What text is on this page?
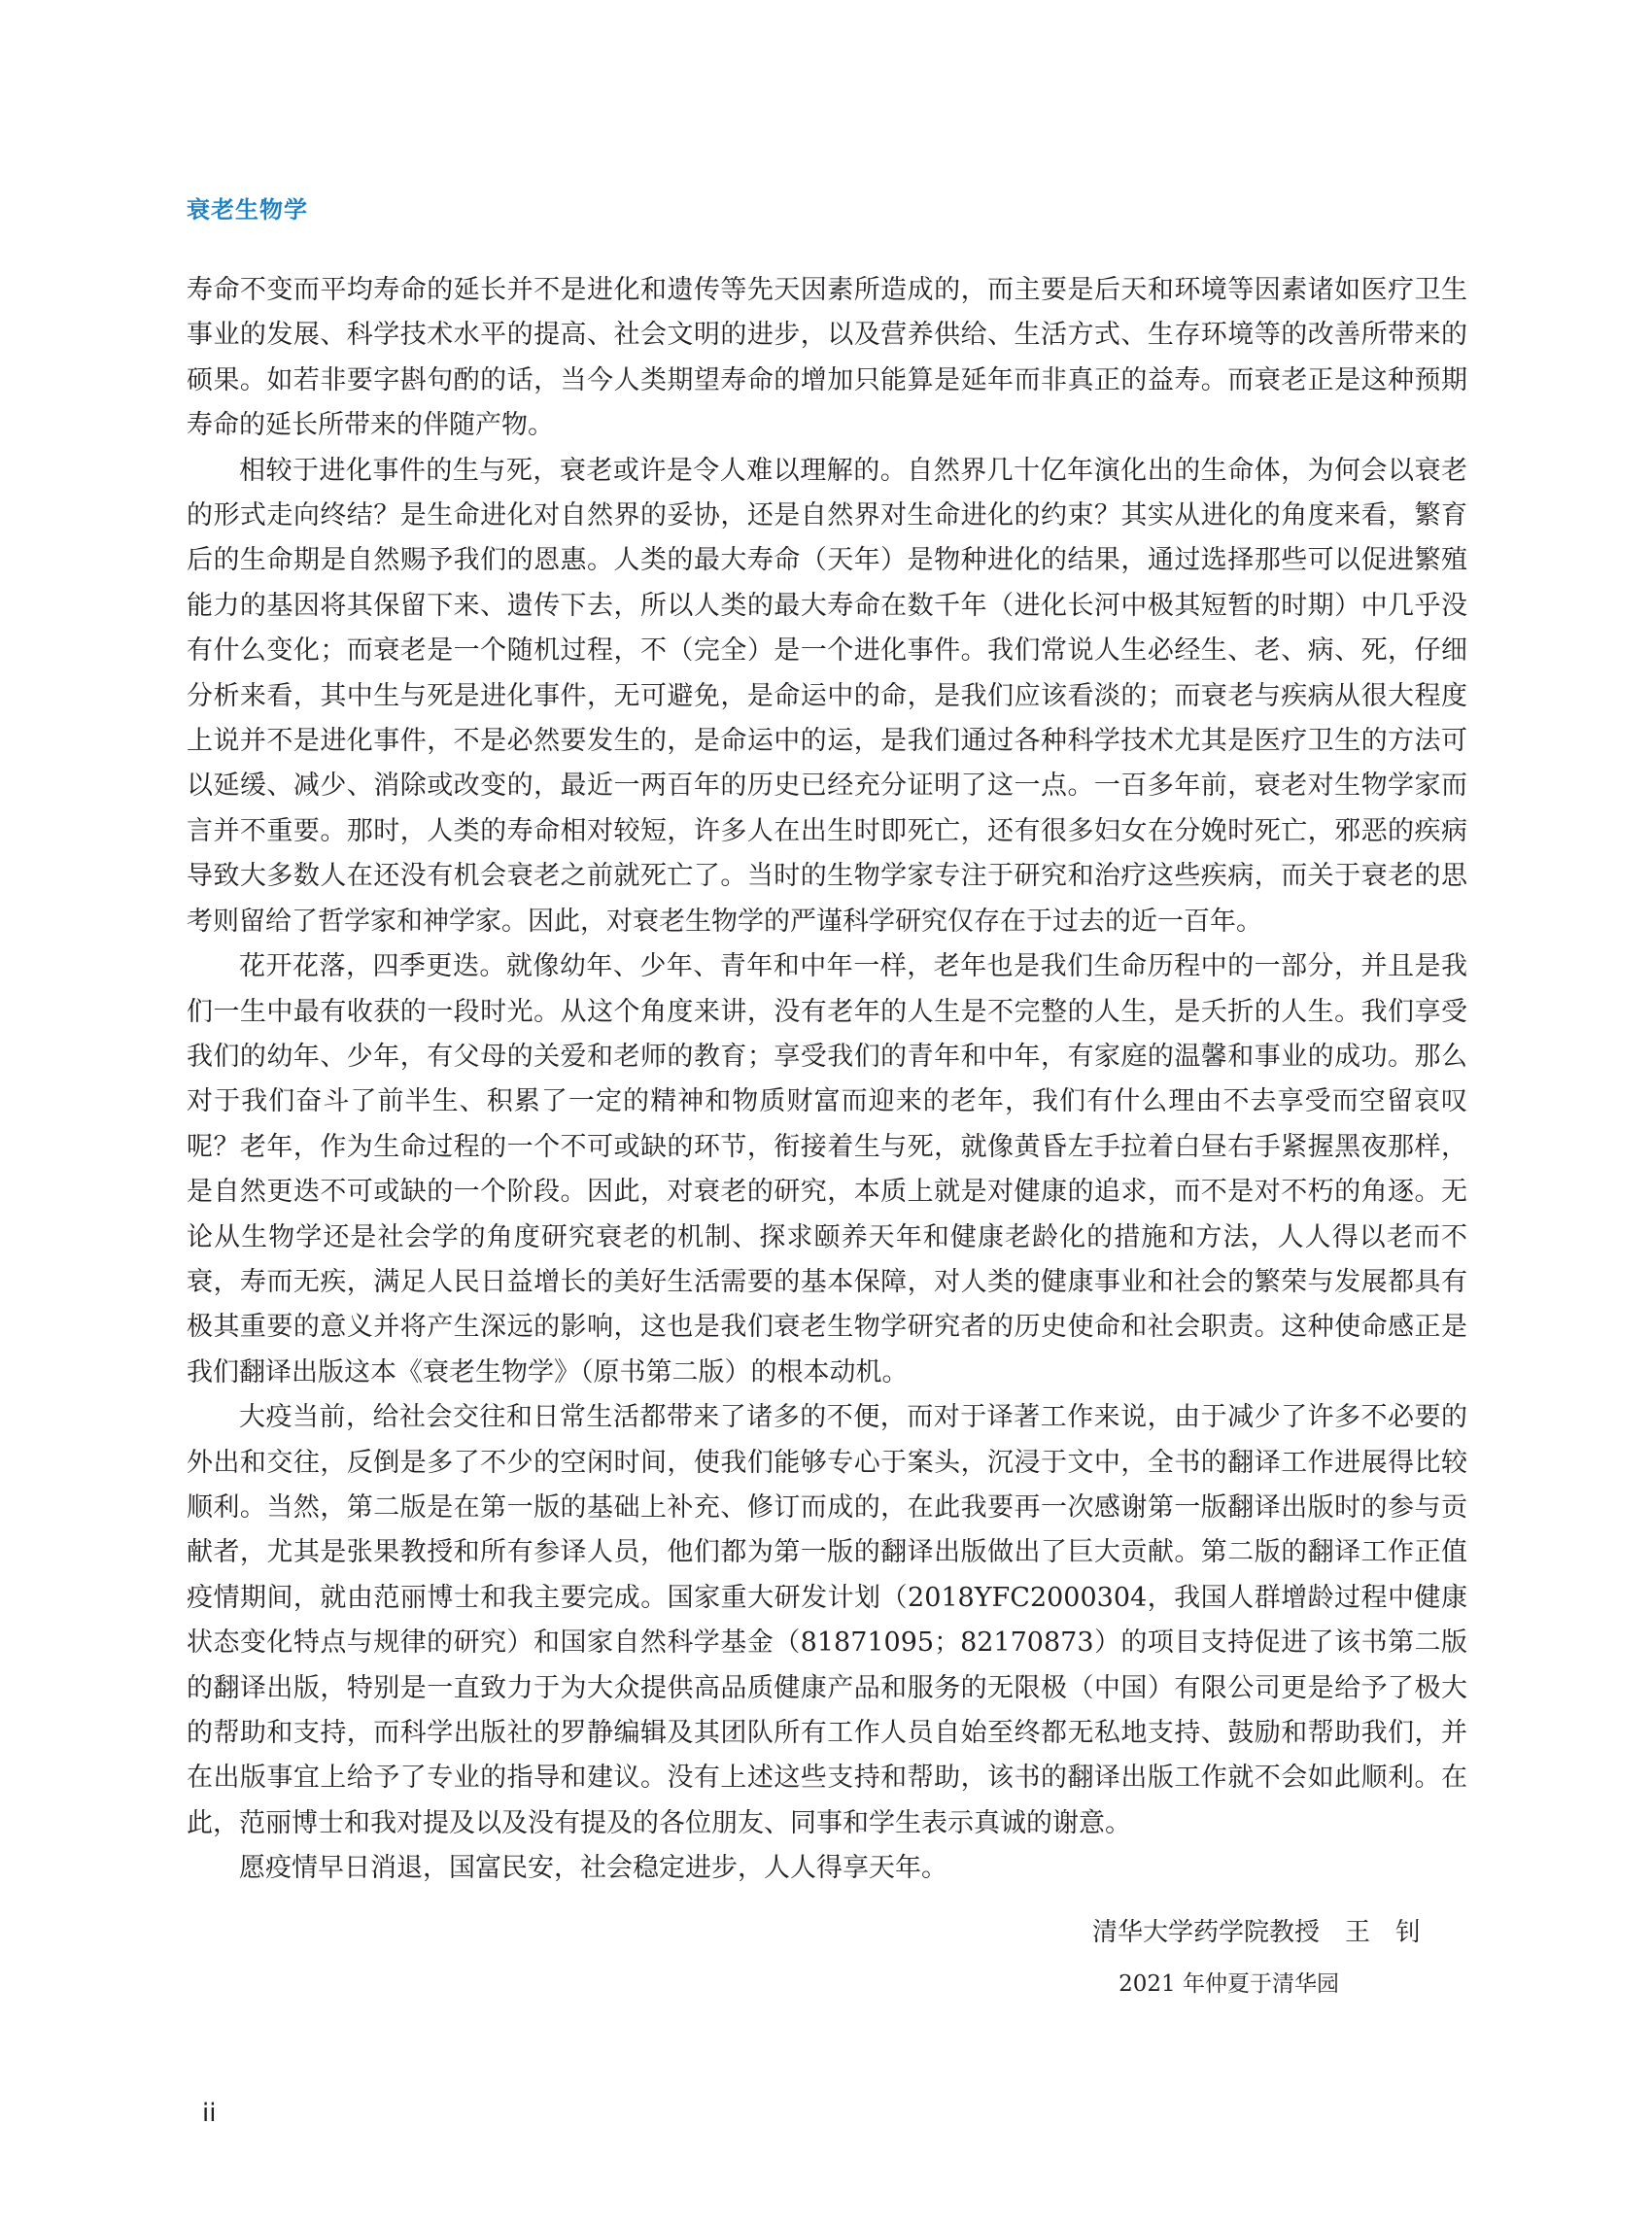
衰老生物学

寿命不变而平均寿命的延长并不是进化和遗传等先天因素所造成的，而主要是后天和环境等因素诸如医疗卫生事业的发展、科学技术水平的提高、社会文明的进步，以及营养供给、生活方式、生存环境等的改善所带来的硕果。如若非要字斟句酌的话，当今人类期望寿命的增加只能算是延年而非真正的益寿。而衰老正是这种预期寿命的延长所带来的伴随产物。

相较于进化事件的生与死，衰老或许是令人难以理解的。自然界几十亿年演化出的生命体，为何会以衰老的形式走向终结？是生命进化对自然界的妥协，还是自然界对生命进化的约束？其实从进化的角度来看，繁育后的生命期是自然赐予我们的恩惠。人类的最大寿命（天年）是物种进化的结果，通过选择那些可以促进繁殖能力的基因将其保留下来、遗传下去，所以人类的最大寿命在数千年（进化长河中极其短暂的时期）中几乎没有什么变化；而衰老是一个随机过程，不（完全）是一个进化事件。我们常说人生必经生、老、病、死，仔细分析来看，其中生与死是进化事件，无可避免，是命运中的命，是我们应该看淡的；而衰老与疾病从很大程度上说并不是进化事件，不是必然要发生的，是命运中的运，是我们通过各种科学技术尤其是医疗卫生的方法可以延缓、减少、消除或改变的，最近一两百年的历史已经充分证明了这一点。一百多年前，衰老对生物学家而言并不重要。那时，人类的寿命相对较短，许多人在出生时即死亡，还有很多妇女在分娩时死亡，邪恶的疾病导致大多数人在还没有机会衰老之前就死亡了。当时的生物学家专注于研究和治疗这些疾病，而关于衰老的思考则留给了哲学家和神学家。因此，对衰老生物学的严谨科学研究仅存在于过去的近一百年。

花开花落，四季更迭。就像幼年、少年、青年和中年一样，老年也是我们生命历程中的一部分，并且是我们一生中最有收获的一段时光。从这个角度来讲，没有老年的人生是不完整的人生，是夭折的人生。我们享受我们的幼年、少年，有父母的关爱和老师的教育；享受我们的青年和中年，有家庭的温馨和事业的成功。那么对于我们奋斗了前半生、积累了一定的精神和物质财富而迎来的老年，我们有什么理由不去享受而空留哀叹呢？老年，作为生命过程的一个不可或缺的环节，衔接着生与死，就像黄昏左手拉着白昼右手紧握黑夜那样，是自然更迭不可或缺的一个阶段。因此，对衰老的研究，本质上就是对健康的追求，而不是对不朽的角逐。无论从生物学还是社会学的角度研究衰老的机制、探求颐养天年和健康老龄化的措施和方法，人人得以老而不衰，寿而无疾，满足人民日益增长的美好生活需要的基本保障，对人类的健康事业和社会的繁荣与发展都具有极其重要的意义并将产生深远的影响，这也是我们衰老生物学研究者的历史使命和社会职责。这种使命感正是我们翻译出版这本《衰老生物学》（原书第二版）的根本动机。

大疫当前，给社会交往和日常生活都带来了诸多的不便，而对于译著工作来说，由于减少了许多不必要的外出和交往，反倒是多了不少的空闲时间，使我们能够专心于案头，沉浸于文中，全书的翻译工作进展得比较顺利。当然，第二版是在第一版的基础上补充、修订而成的，在此我要再一次感谢第一版翻译出版时的参与贡献者，尤其是张果教授和所有参译人员，他们都为第一版的翻译出版做出了巨大贡献。第二版的翻译工作正值疫情期间，就由范丽博士和我主要完成。国家重大研发计划（2018YFC2000304，我国人群增龄过程中健康状态变化特点与规律的研究）和国家自然科学基金（81871095；82170873）的项目支持促进了该书第二版的翻译出版，特别是一直致力于为大众提供高品质健康产品和服务的无限极（中国）有限公司更是给予了极大的帮助和支持，而科学出版社的罗静编辑及其团队所有工作人员自始至终都无私地支持、鼓励和帮助我们，并在出版事宜上给予了专业的指导和建议。没有上述这些支持和帮助，该书的翻译出版工作就不会如此顺利。在此，范丽博士和我对提及以及没有提及的各位朋友、同事和学生表示真诚的谢意。

愿疫情早日消退，国富民安，社会稳定进步，人人得享天年。

清华大学药学院教授　王　钊
2021 年仲夏于清华园
ii
